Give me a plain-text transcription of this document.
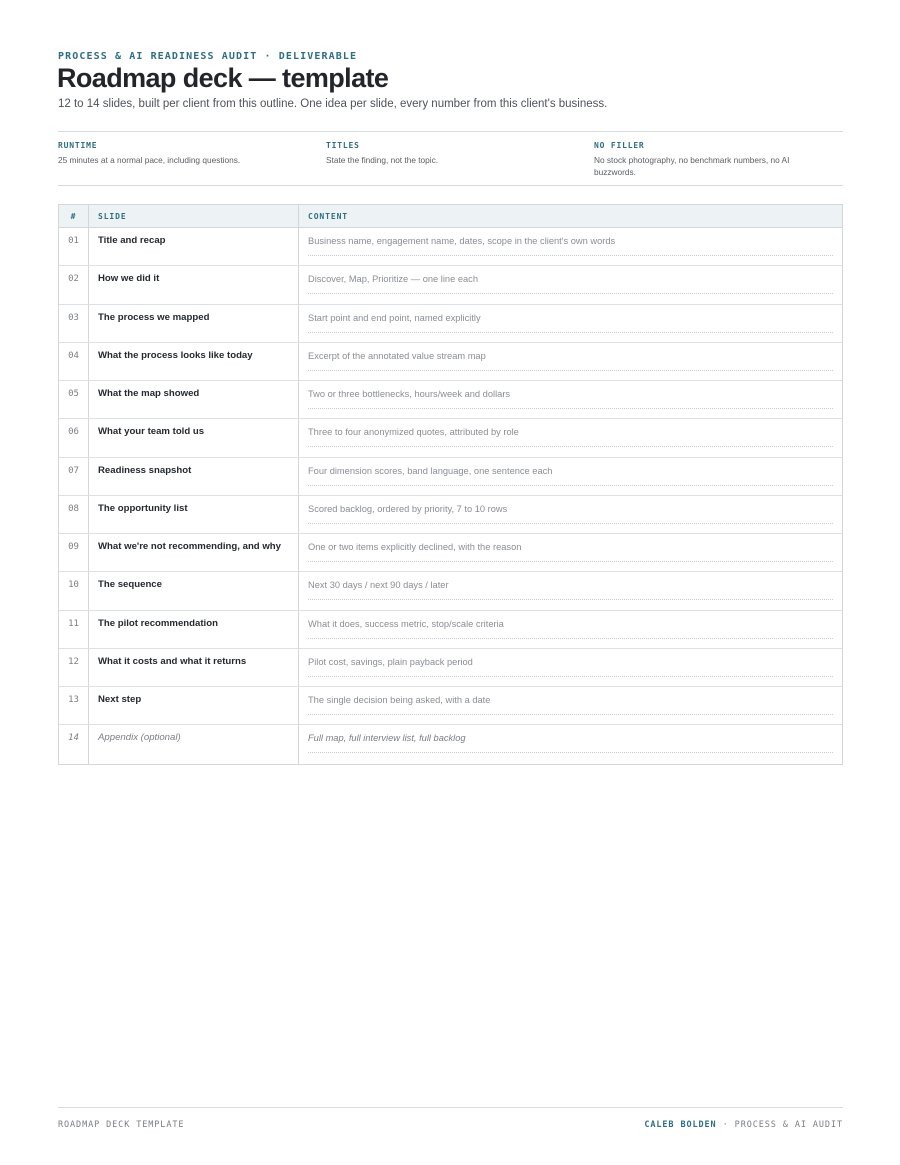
PROCESS & AI READINESS AUDIT · DELIVERABLE
Roadmap deck — template

12 to 14 slides, built per client from this outline. One idea per slide, every number from this client's business.

RUNTIME
25 minutes at a normal pace, including questions.
TITLES
State the finding, not the topic.
NO FILLER
No stock photography, no benchmark numbers, no AI buzzwords.
#	SLIDE	CONTENT
01	Title and recap	Business name, engagement name, dates, scope in the client's own words
02	How we did it	Discover, Map, Prioritize — one line each
03	The process we mapped	Start point and end point, named explicitly
04	What the process looks like today	Excerpt of the annotated value stream map
05	What the map showed	Two or three bottlenecks, hours/week and dollars
06	What your team told us	Three to four anonymized quotes, attributed by role
07	Readiness snapshot	Four dimension scores, band language, one sentence each
08	The opportunity list	Scored backlog, ordered by priority, 7 to 10 rows
09	What we're not recommending, and why	One or two items explicitly declined, with the reason
10	The sequence	Next 30 days / next 90 days / later
11	The pilot recommendation	What it does, success metric, stop/scale criteria
12	What it costs and what it returns	Pilot cost, savings, plain payback period
13	Next step	The single decision being asked, with a date
14	Appendix (optional)	Full map, full interview list, full backlog
ROADMAP DECK TEMPLATE	CALEB BOLDEN · PROCESS & AI AUDIT
